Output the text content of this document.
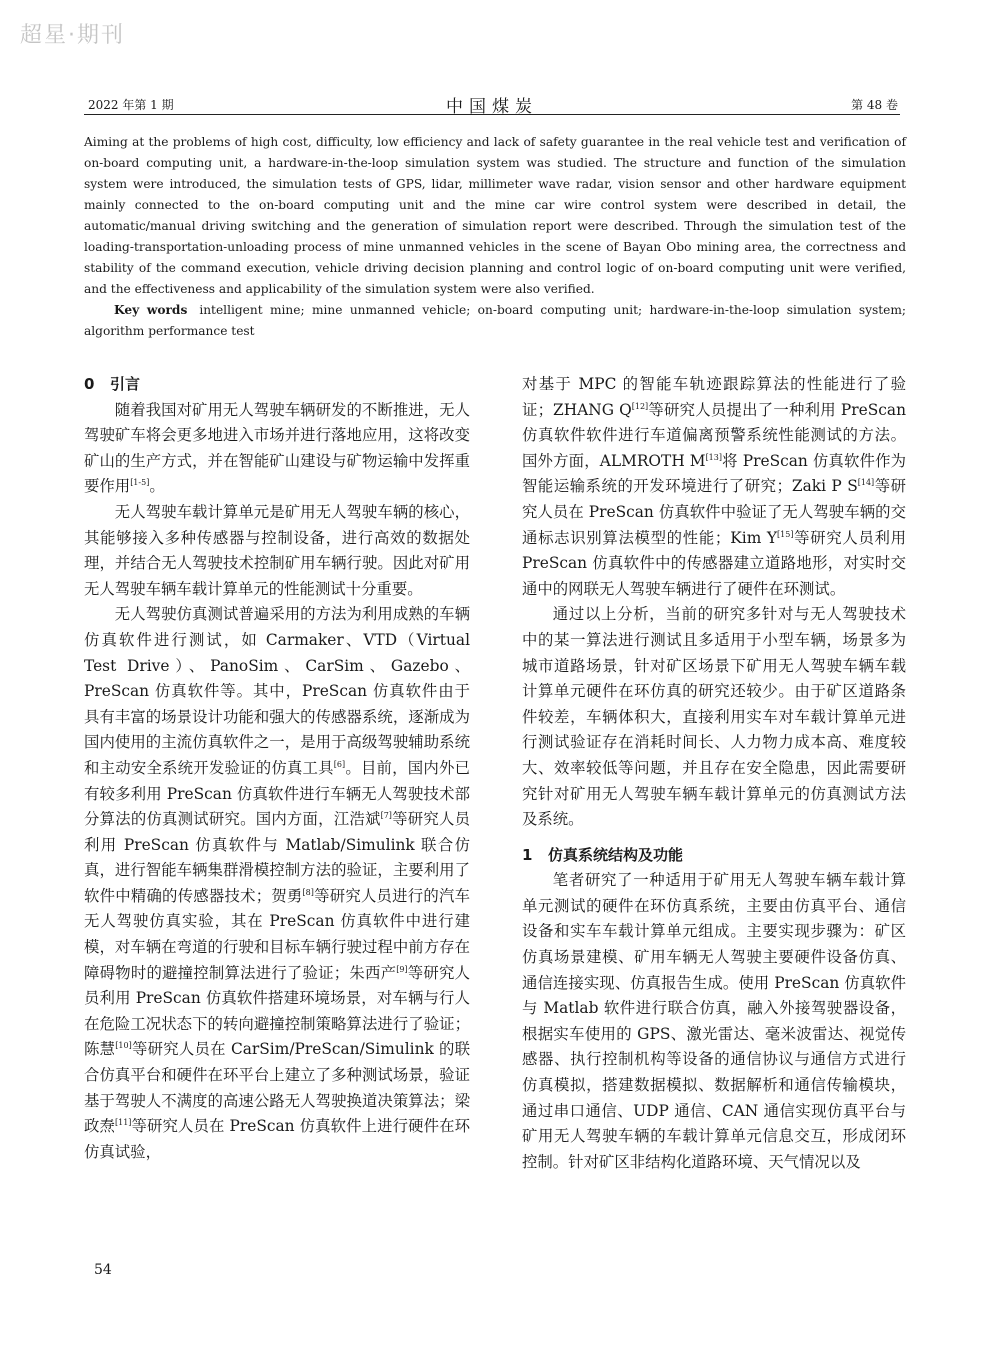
超星·期刊
2022 年第 1 期	中国煤炭	第 48 卷
Aiming at the problems of high cost, difficulty, low efficiency and lack of safety guarantee in the real vehicle test and verification of on-board computing unit, a hardware-in-the-loop simulation system was studied. The structure and function of the simulation system were introduced, the simulation tests of GPS, lidar, millimeter wave radar, vision sensor and other hardware equipment mainly connected to the on-board computing unit and the mine car wire control system were described in detail, the automatic/manual driving switching and the generation of simulation report were described. Through the simulation test of the loading-transportation-unloading process of mine unmanned vehicles in the scene of Bayan Obo mining area, the correctness and stability of the command execution, vehicle driving decision planning and control logic of on-board computing unit were verified, and the effectiveness and applicability of the simulation system were also verified.
Key words intelligent mine; mine unmanned vehicle; on-board computing unit; hardware-in-the-loop simulation system; algorithm performance test

0 引言

随着我国对矿用无人驾驶车辆研发的不断推进，无人驾驶矿车将会更多地进入市场并进行落地应用，这将改变矿山的生产方式，并在智能矿山建设与矿物运输中发挥重要作用[1-5]。

无人驾驶车载计算单元是矿用无人驾驶车辆的核心，其能够接入多种传感器与控制设备，进行高效的数据处理，并结合无人驾驶技术控制矿用车辆行驶。因此对矿用无人驾驶车辆车载计算单元的性能测试十分重要。

无人驾驶仿真测试普遍采用的方法为利用成熟的车辆仿真软件进行测试，如 Carmaker、VTD（Virtual Test Drive）、PanoSim、CarSim、Gazebo、PreScan 仿真软件等。其中，PreScan 仿真软件由于具有丰富的场景设计功能和强大的传感器系统，逐渐成为国内使用的主流仿真软件之一，是用于高级驾驶辅助系统和主动安全系统开发验证的仿真工具[6]。目前，国内外已有较多利用 PreScan 仿真软件进行车辆无人驾驶技术部分算法的仿真测试研究。国内方面，江浩斌[7]等研究人员利用 PreScan 仿真软件与 Matlab/Simulink 联合仿真，进行智能车辆集群滑模控制方法的验证，主要利用了软件中精确的传感器技术；贺勇[8]等研究人员进行的汽车无人驾驶仿真实验，其在 PreScan 仿真软件中进行建模，对车辆在弯道的行驶和目标车辆行驶过程中前方存在障碍物时的避撞控制算法进行了验证；朱西产[9]等研究人员利用 PreScan 仿真软件搭建环境场景，对车辆与行人在危险工况状态下的转向避撞控制策略算法进行了验证；陈慧[10]等研究人员在 CarSim/PreScan/Simulink 的联合仿真平台和硬件在环平台上建立了多种测试场景，验证基于驾驶人不满度的高速公路无人驾驶换道决策算法；梁政焘[11]等研究人员在 PreScan 仿真软件上进行硬件在环仿真试验，

对基于 MPC 的智能车轨迹跟踪算法的性能进行了验证；ZHANG Q[12]等研究人员提出了一种利用 PreScan仿真软件软件进行车道偏离预警系统性能测试的方法。国外方面，ALMROTH M[13]将 PreScan 仿真软件作为智能运输系统的开发环境进行了研究；Zaki P S[14]等研究人员在 PreScan 仿真软件中验证了无人驾驶车辆的交通标志识别算法模型的性能；Kim Y[15]等研究人员利用 PreScan 仿真软件中的传感器建立道路地形，对实时交通中的网联无人驾驶车辆进行了硬件在环测试。

通过以上分析，当前的研究多针对与无人驾驶技术中的某一算法进行测试且多适用于小型车辆，场景多为城市道路场景，针对矿区场景下矿用无人驾驶车辆车载计算单元硬件在环仿真的研究还较少。由于矿区道路条件较差，车辆体积大，直接利用实车对车载计算单元进行测试验证存在消耗时间长、人力物力成本高、难度较大、效率较低等问题，并且存在安全隐患，因此需要研究针对矿用无人驾驶车辆车载计算单元的仿真测试方法及系统。

1 仿真系统结构及功能

笔者研究了一种适用于矿用无人驾驶车辆车载计算单元测试的硬件在环仿真系统，主要由仿真平台、通信设备和实车车载计算单元组成。主要实现步骤为：矿区仿真场景建模、矿用车辆无人驾驶主要硬件设备仿真、通信连接实现、仿真报告生成。使用 PreScan 仿真软件与 Matlab 软件进行联合仿真，融入外接驾驶器设备，根据实车使用的 GPS、激光雷达、毫米波雷达、视觉传感器、执行控制机构等设备的通信协议与通信方式进行仿真模拟，搭建数据模拟、数据解析和通信传输模块，通过串口通信、UDP 通信、CAN 通信实现仿真平台与矿用无人驾驶车辆的车载计算单元信息交互，形成闭环控制。针对矿区非结构化道路环境、天气情况以及

54
